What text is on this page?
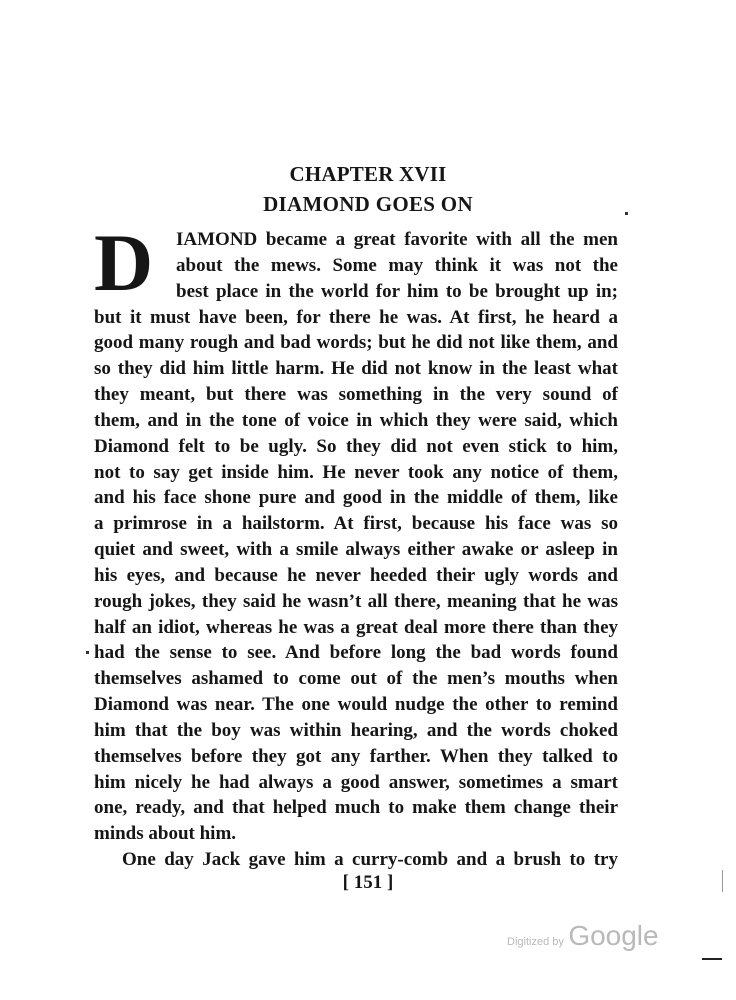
CHAPTER XVII
DIAMOND GOES ON
D IAMOND became a great favorite with all the men
about the mews. Some may think it was not the
best place in the world for him to be brought up in;
but it must have been, for there he was. At first, he heard a
good many rough and bad words; but he did not like them, and
so they did him little harm. He did not know in the least what
they meant, but there was something in the very sound of
them, and in the tone of voice in which they were said, which
Diamond felt to be ugly. So they did not even stick to him,
not to say get inside him. He never took any notice of them,
and his face shone pure and good in the middle of them, like
a primrose in a hailstorm. At first, because his face was so
quiet and sweet, with a smile always either awake or asleep in
his eyes, and because he never heeded their ugly words and
rough jokes, they said he wasn’t all there, meaning that he was
half an idiot, whereas he was a great deal more there than they
had the sense to see. And before long the bad words found
themselves ashamed to come out of the men’s mouths when
Diamond was near. The one would nudge the other to remind
him that the boy was within hearing, and the words choked
themselves before they got any farther. When they talked to
him nicely he had always a good answer, sometimes a smart
one, ready, and that helped much to make them change their
minds about him.
One day Jack gave him a curry-comb and a brush to try
[ 151 ]
Digitized by Google
